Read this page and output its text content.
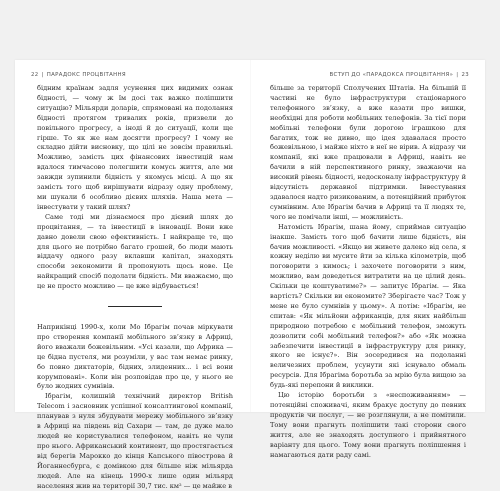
22 | ПАРАДОКС ПРОЦВІТАННЯ	ВСТУП ДО «ПАРАДОКСА ПРОЦВІТАННЯ» | 23

бідним країнам задля усунення цих видимих ознак бідності, — чому ж їм досі так важко поліпшити ситуацію? Мільярди доларів, спрямовані на подолання бідності протягом тривалих років, призвели до повільного прогресу, а іноді й до ситуації, коли ще гірше. То як же нам досягти прогресу? І чому не складно дійти висновку, що цілі не зовсім правильні. Можливо, замість цих фінансових інвестицій нам вдалося тимчасово полегшити комусь життя, але ми завжди зупинили бідність у якомусь місці. А що як замість того щоб вирішувати відразу одну проблему, ми шукали б особливо дієвих шляхів. Наша мета — інвестувати у такий шлях?

Саме тоді ми дізнаємося про дієвий шлях до процвітання, — та інвестиції в інновації. Вони вже давно довели свою ефективність. І найкраще те, що для цього не потрібно багато грошей, бо люди мають віддачу одного разу вклавши капітал, знаходять способи зекономити й пропонують щось нове. Це найкращий спосіб подолати бідність. Ми вважаємо, що це не просто можливо — це вже відбувається!

Наприкінці 1990-х, коли Мо Ібрагім почав міркувати про створення компанії мобільного зв’язку в Африці, його вважали божевільним. «Усі казали, що Африка — це бідна пустеля, ми розуміли, у вас там немає ринку, бо повно диктаторів, бідних, злиденних... і всі вони корумповані». Коли він розповідав про це, у нього не було жодних сумнівів.

Ібрагім, колишній технічний директор British Telecom і засновник успішної консалтингової компанії, планував з нуля збудувати мережу мобільного зв’язку в Африці на південь від Сахари — там, де дуже мало людей не користувалися телефоном, навіть не чули про нього. Африканський континент, що простягається від берегів Марокко до кінця Капського півострова й Йоганнесбурга, є домівкою для більше ніж мільярда людей. Але на кінець 1990-х лише один мільярд населення жив на території 30,7 тис. км² — це майже в

більше за території Сполучених Штатів. На більшій її частині не було інфраструктури стаціонарного телефонного зв’язку, а вже казати про вишки, необхідні для роботи мобільних телефонів. За тієї пори мобільні телефони були дорогою іграшкою для багатих, тож не дивно, що ідея здавалася просто божевільною, і майже ніхто в неї не вірив. А відразу чи компанії, які вже працювали в Африці, навіть не бачили в ній перспективного ринку, зважаючи на високий рівень бідності, недосконалу інфраструктуру й відсутність державної підтримки. Інвестування здавалося надто ризикованим, а потенційний прибуток сумнівним. Але Ібрагім бачив в Африці та її людях те, чого не помічали інші, — можливість.

Натомість Ібрагім, шана йому, сприймав ситуацію інакше. Замість того щоб бачити лише бідність, він бачив можливості. «Якщо ви живете далеко від села, я кожну неділю ви мусите йти за кілька кілометрів, щоб поговорити з кимось; і захочете поговорити з ним, можливо, вам доведеться витратити на це цілий день. Скільки це коштуватиме?» — запитує Ібрагім. — Яка вартість? Скільки ви економите? Зберігаєте час? Тож у мене не було сумнівів у цьому». А потім: «Ібрагім, не спитав: «Як мільйони африканців, для яких найбільш природною потребою є мобільний телефон, зможуть дозволити собі мобільний телефон?» або «Як можна забезпечити інвестиції в інфраструктуру для ринку, якого не існує?». Він зосередився на подоланні величезних проблем, усунути які існувало обмаль ресурсів. Для Ібрагіма боротьба за мрію була вищою за будь-які перепони й виклики.

Цю історію боротьби з «неспоживанням» — потенційні споживачі, яким бракує доступу до певних продуктів чи послуг, — не розглянули, а не помітили. Тому вони прагнуть поліпшити такі сторони свого життя, але не знаходять доступного і прийнятного варіанту для цього. Тому вони прагнуть поліпшення і намагаються дати раду самі.
